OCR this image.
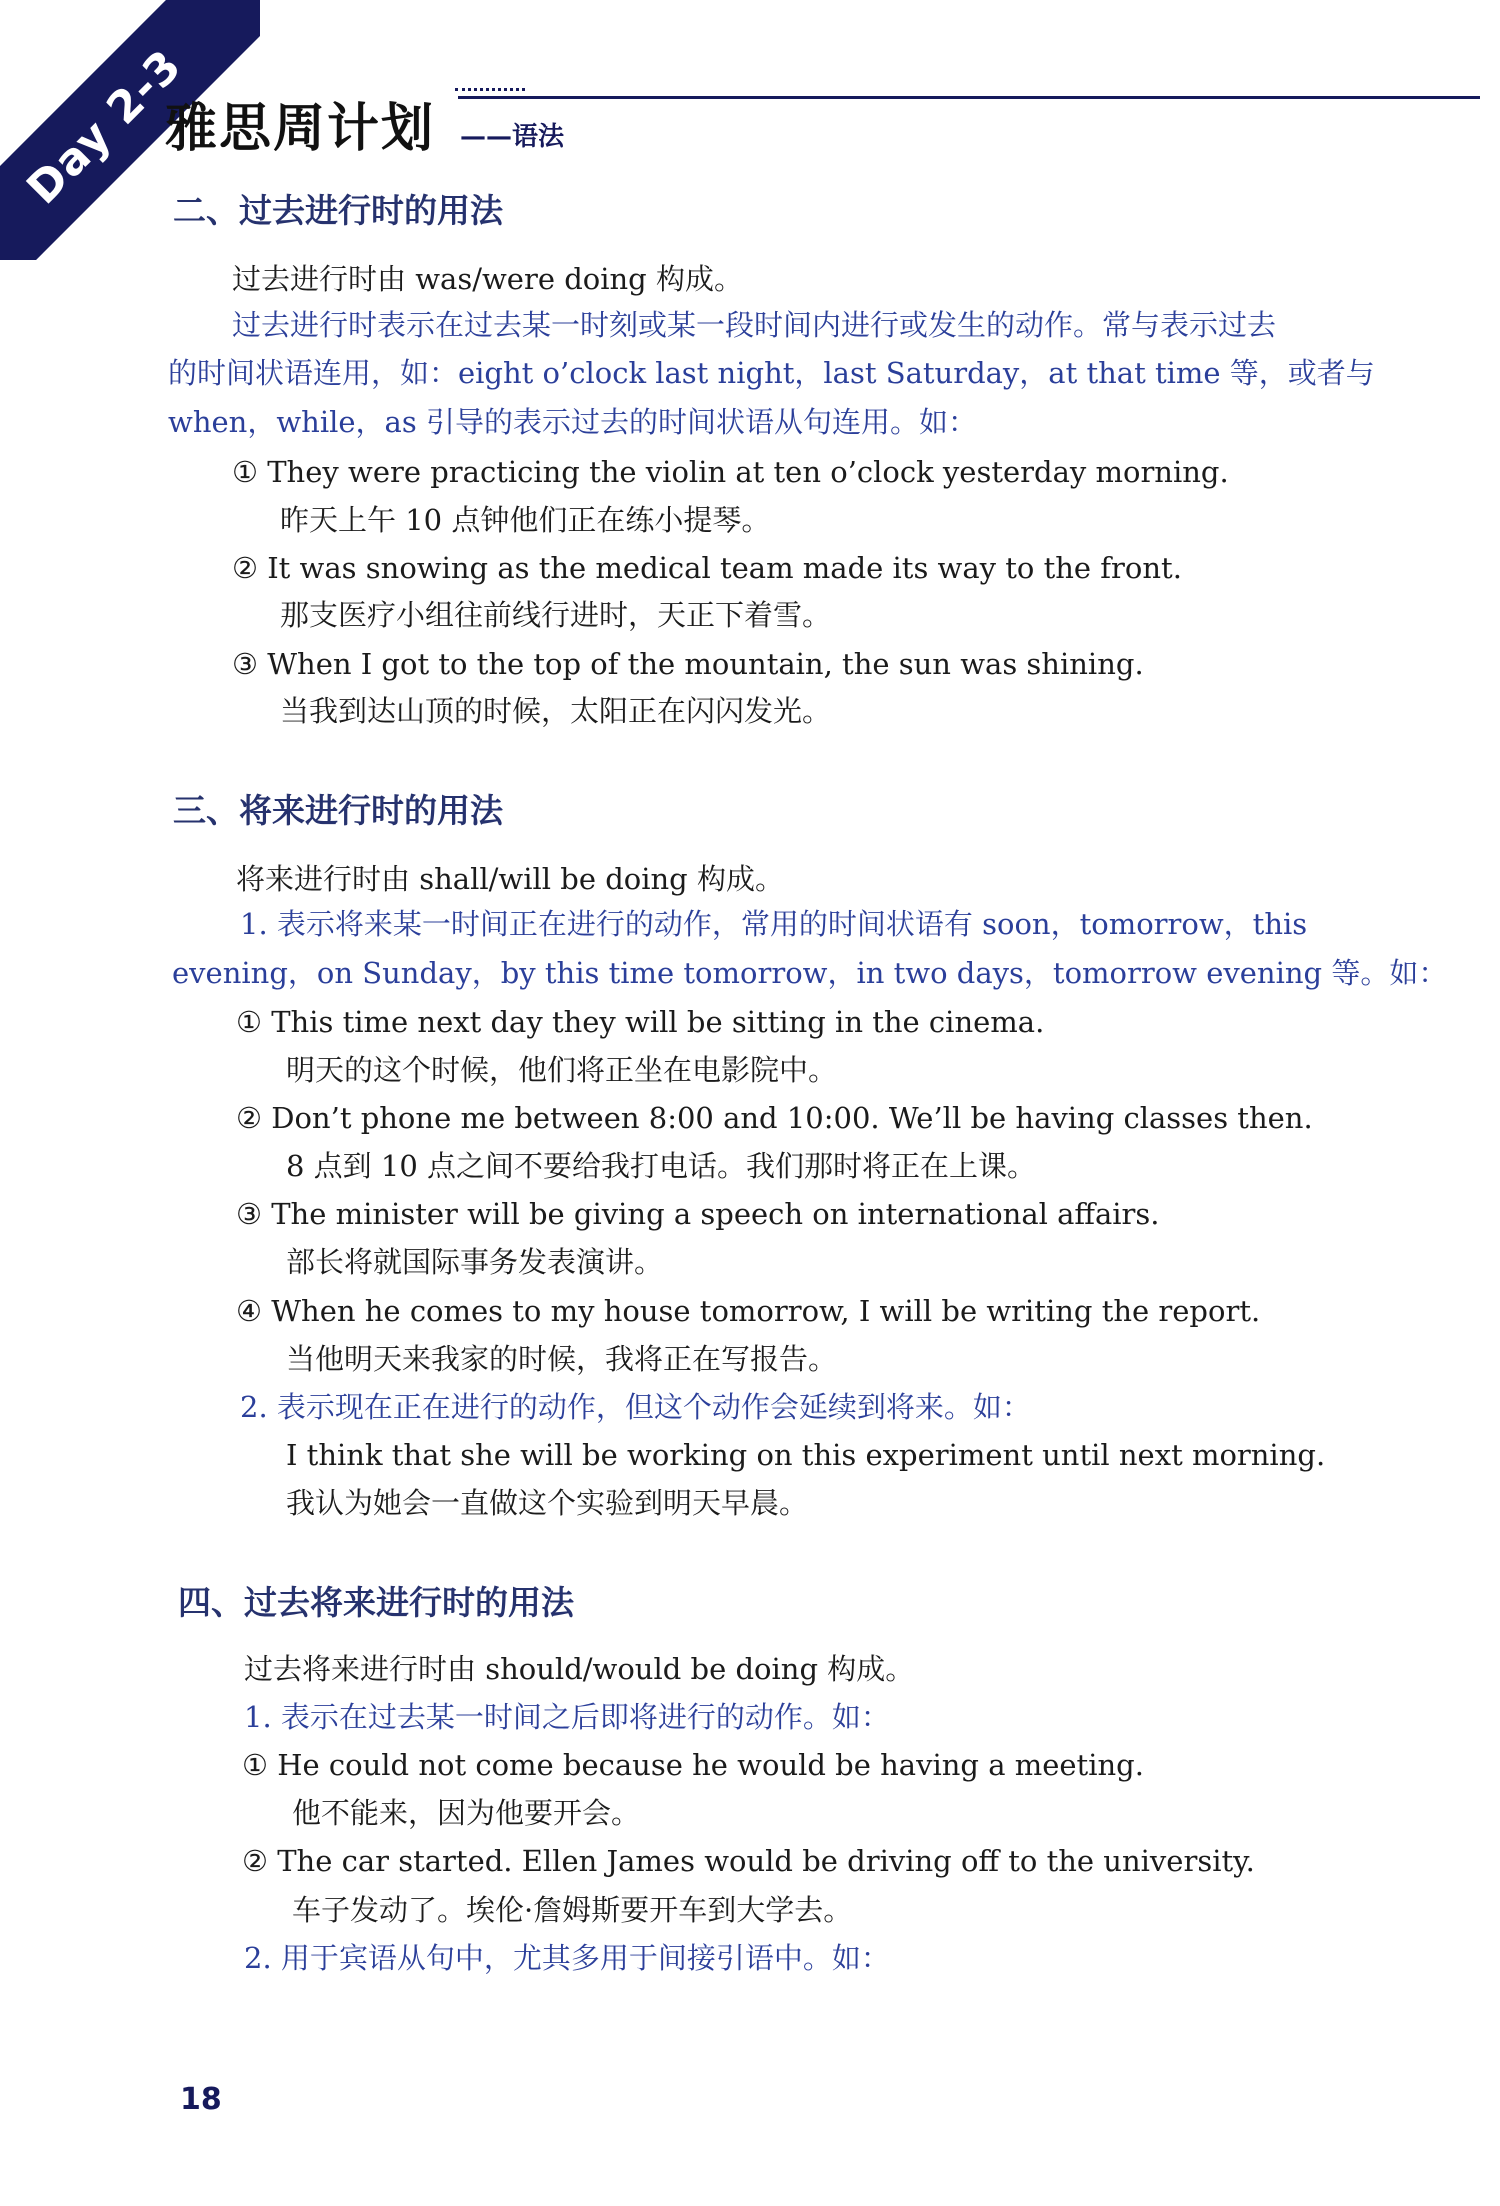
Day 2-3
雅思周计划 ——语法
二、过去进行时的用法
过去进行时由 was/were doing 构成。
过去进行时表示在过去某一时刻或某一段时间内进行或发生的动作。常与表示过去
的时间状语连用，如：eight o’clock last night，last Saturday，at that time 等，或者与
when，while，as 引导的表示过去的时间状语从句连用。如：
① They were practicing the violin at ten o’clock yesterday morning.
昨天上午 10 点钟他们正在练小提琴。
② It was snowing as the medical team made its way to the front.
那支医疗小组往前线行进时，天正下着雪。
③ When I got to the top of the mountain, the sun was shining.
当我到达山顶的时候，太阳正在闪闪发光。
三、将来进行时的用法
将来进行时由 shall/will be doing 构成。
1. 表示将来某一时间正在进行的动作，常用的时间状语有 soon，tomorrow，this
evening，on Sunday，by this time tomorrow，in two days，tomorrow evening 等。如：
① This time next day they will be sitting in the cinema.
明天的这个时候，他们将正坐在电影院中。
② Don’t phone me between 8:00 and 10:00. We’ll be having classes then.
8 点到 10 点之间不要给我打电话。我们那时将正在上课。
③ The minister will be giving a speech on international affairs.
部长将就国际事务发表演讲。
④ When he comes to my house tomorrow, I will be writing the report.
当他明天来我家的时候，我将正在写报告。
2. 表示现在正在进行的动作，但这个动作会延续到将来。如：
I think that she will be working on this experiment until next morning.
我认为她会一直做这个实验到明天早晨。
四、过去将来进行时的用法
过去将来进行时由 should/would be doing 构成。
1. 表示在过去某一时间之后即将进行的动作。如：
① He could not come because he would be having a meeting.
他不能来，因为他要开会。
② The car started. Ellen James would be driving off to the university.
车子发动了。埃伦·詹姆斯要开车到大学去。
2. 用于宾语从句中，尤其多用于间接引语中。如：
18
